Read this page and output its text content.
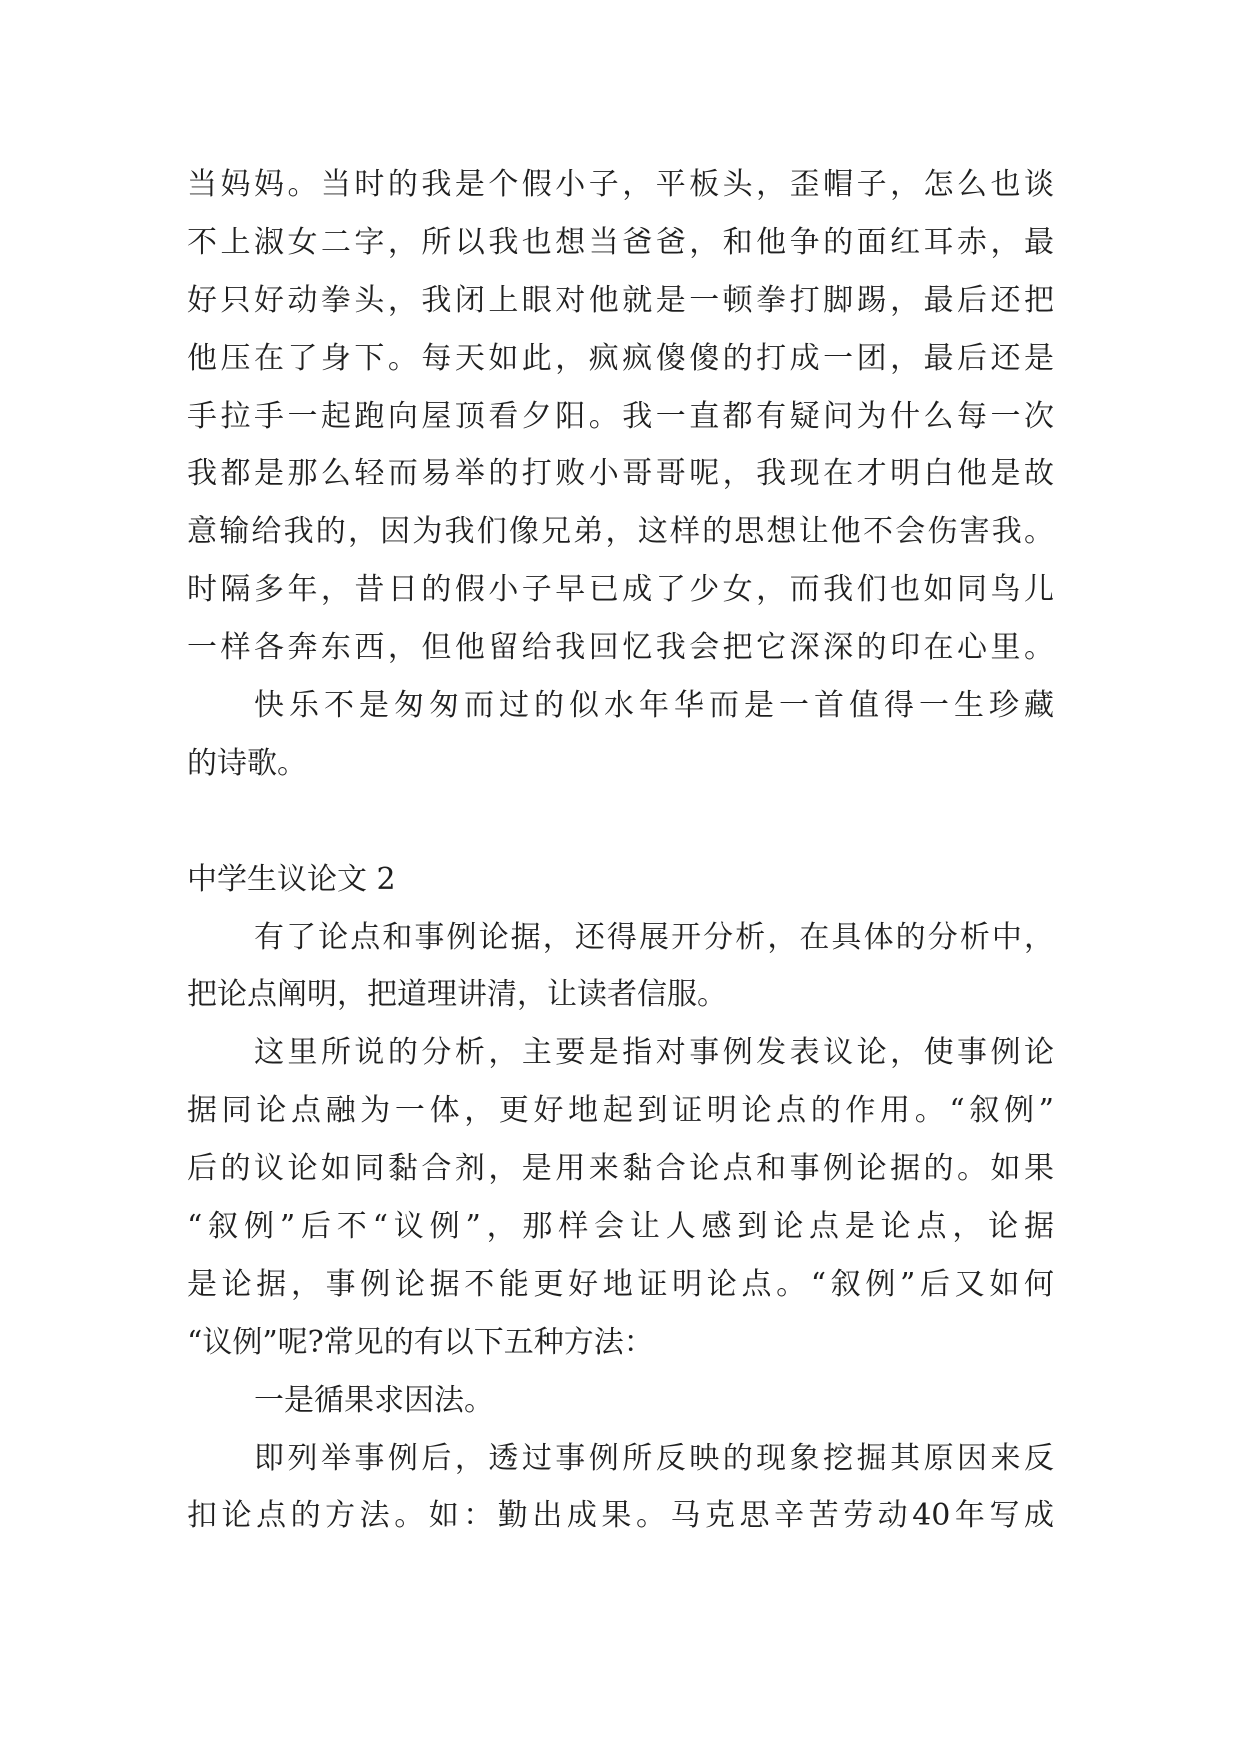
当妈妈。当时的我是个假小子，平板头，歪帽子，怎么也谈
不上淑女二字，所以我也想当爸爸，和他争的面红耳赤，最
好只好动拳头，我闭上眼对他就是一顿拳打脚踢，最后还把
他压在了身下。每天如此，疯疯傻傻的打成一团，最后还是
手拉手一起跑向屋顶看夕阳。我一直都有疑问为什么每一次
我都是那么轻而易举的打败小哥哥呢，我现在才明白他是故
意输给我的，因为我们像兄弟，这样的思想让他不会伤害我。
时隔多年，昔日的假小子早已成了少女，而我们也如同鸟儿
一样各奔东西，但他留给我回忆我会把它深深的印在心里。
快乐不是匆匆而过的似水年华而是一首值得一生珍藏
的诗歌。
中学生议论文 2
有了论点和事例论据，还得展开分析，在具体的分析中，
把论点阐明，把道理讲清，让读者信服。
这里所说的分析，主要是指对事例发表议论，使事例论
据同论点融为一体，更好地起到证明论点的作用。“叙例”
后的议论如同黏合剂，是用来黏合论点和事例论据的。如果
“叙例”后不“议例”，那样会让人感到论点是论点，论据
是论据，事例论据不能更好地证明论点。“叙例”后又如何
“议例”呢?常见的有以下五种方法：
一是循果求因法。
即列举事例后，透过事例所反映的现象挖掘其原因来反
扣论点的方法。如：勤出成果。马克思辛苦劳动40年写成
